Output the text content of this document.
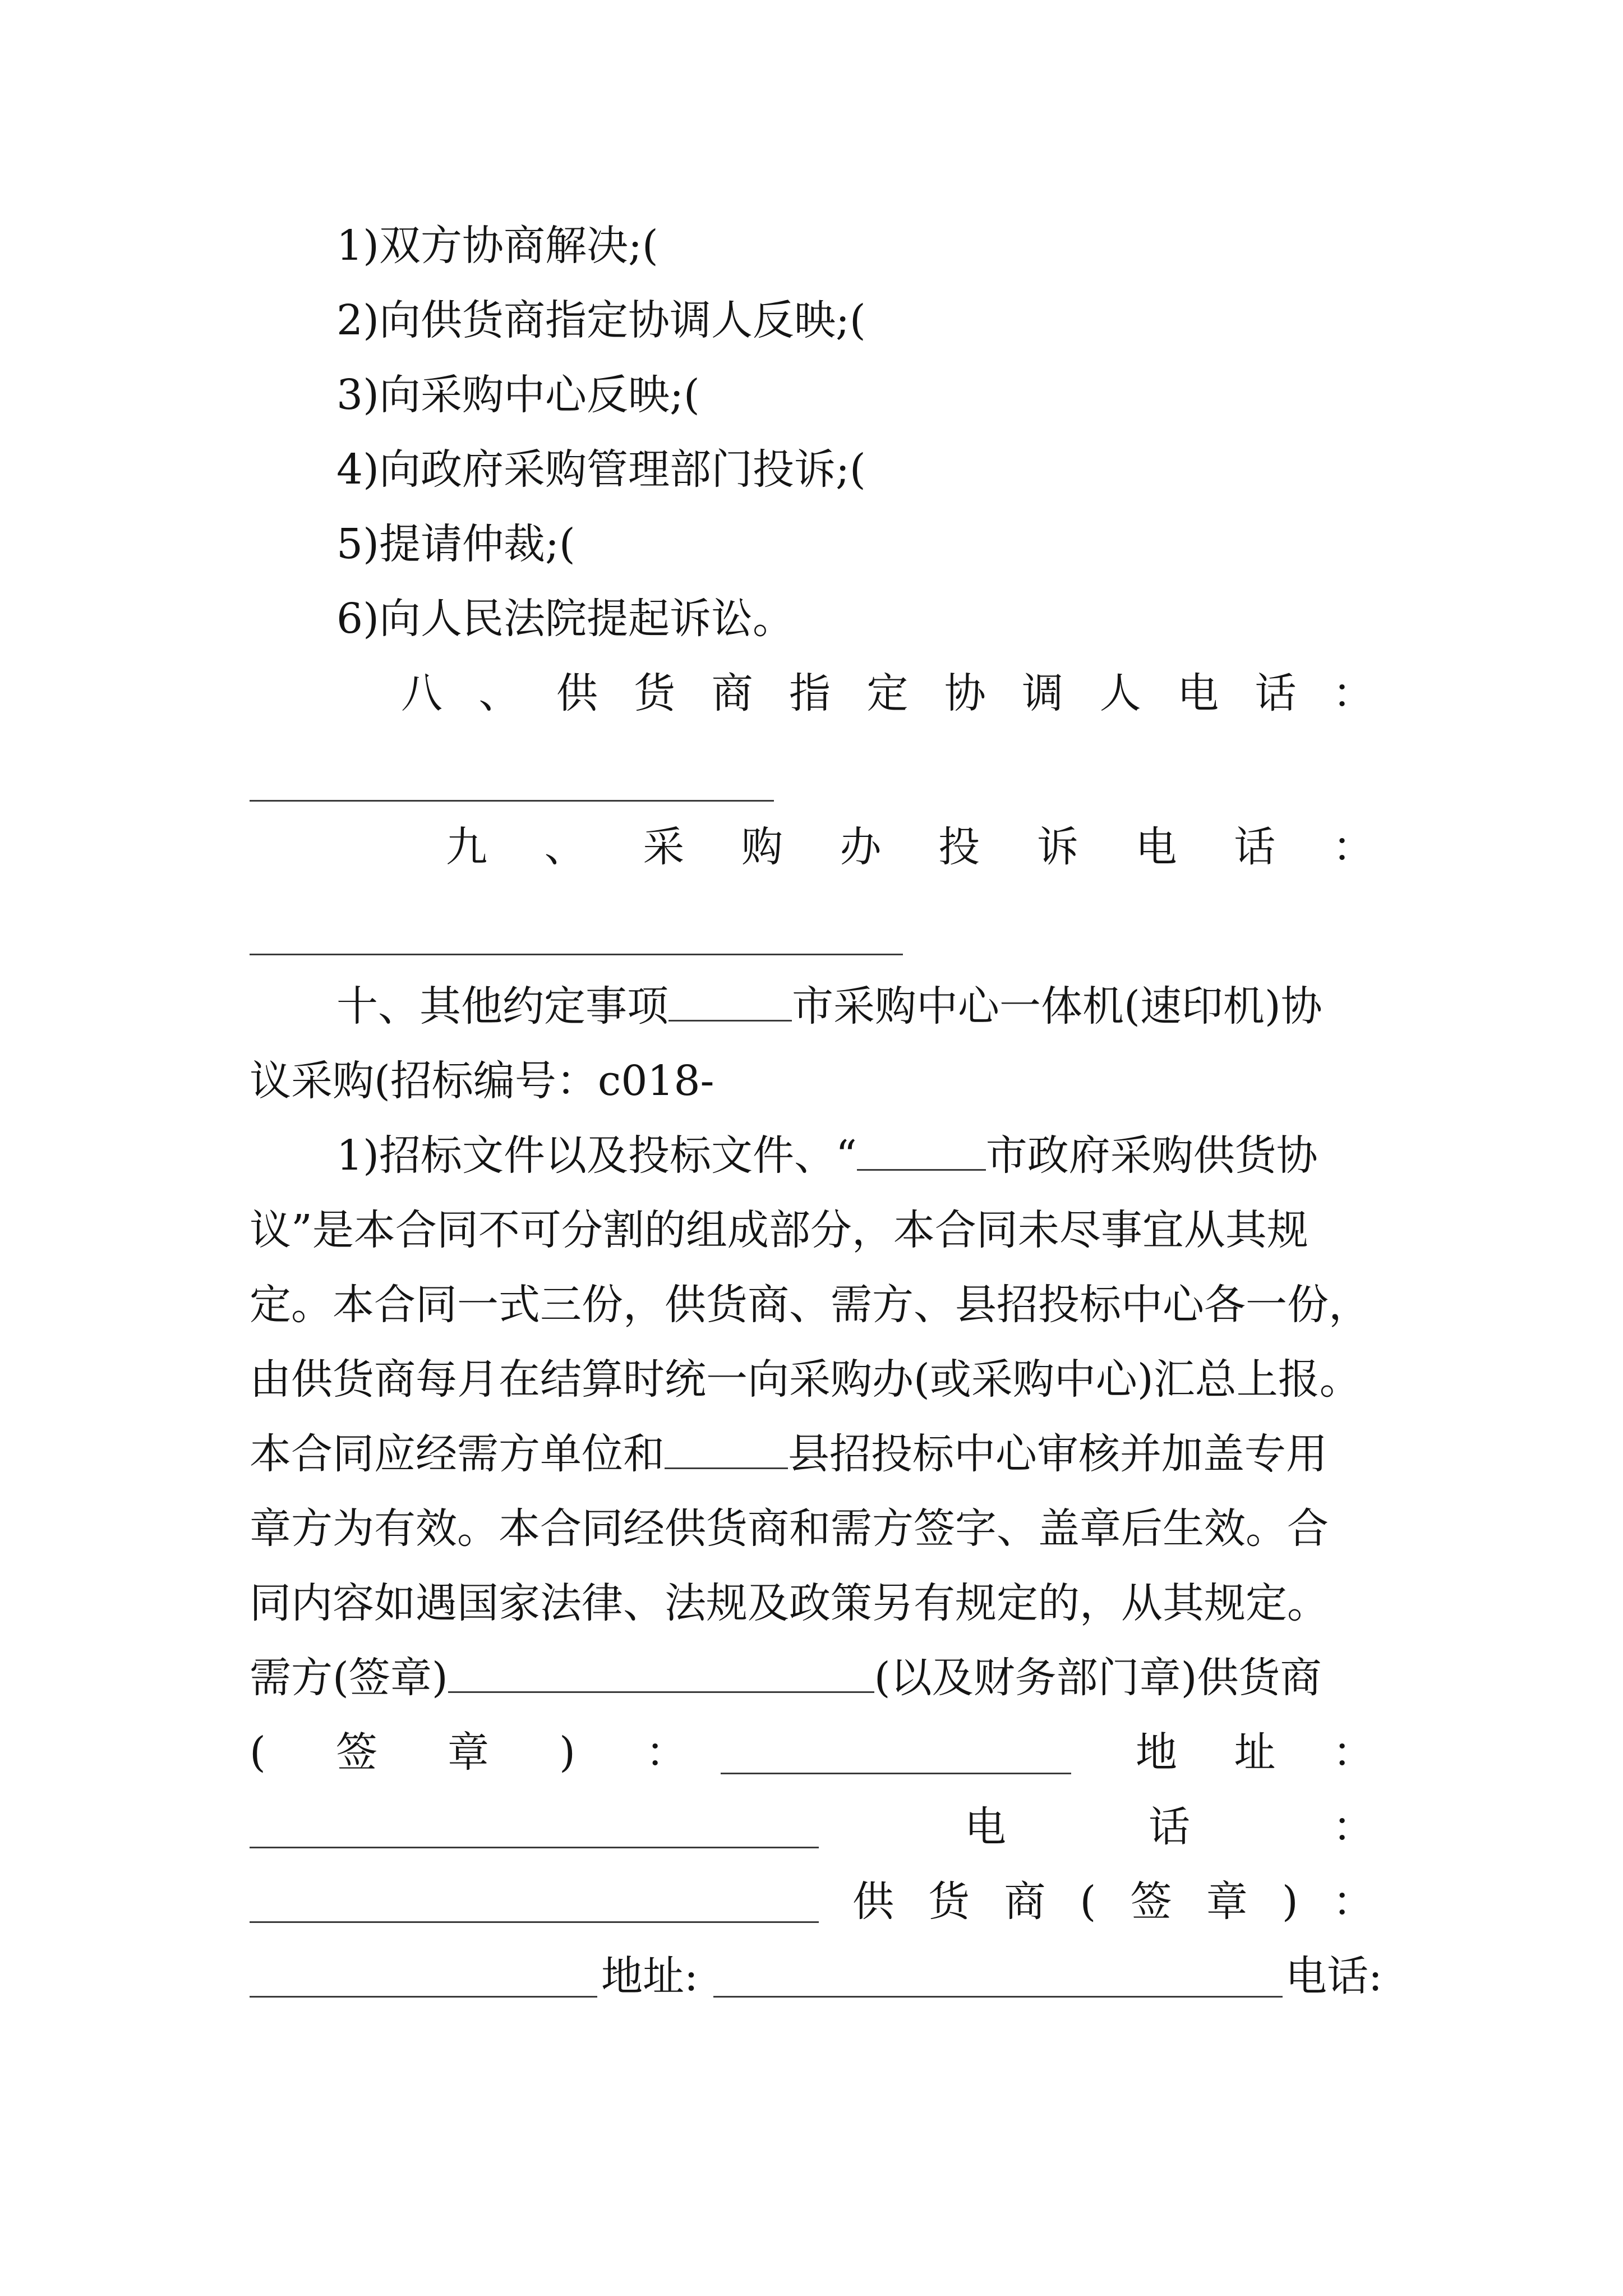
1)双方协商解决;(
2)向供货商指定协调人反映;(
3)向采购中心反映;(
4)向政府采购管理部门投诉;(
5)提请仲裁;(
6)向人民法院提起诉讼。
八 、 供 货 商 指 定 协 调 人 电 话 ：
九 、 采 购 办 投 诉 电 话 ：
十、其他约定事项	市采购中心一体机(速印机)协
议采购(招标编号：c018-
1)招标文件以及投标文件、“	市政府采购供货协
议”是本合同不可分割的组成部分，本合同未尽事宜从其规
定。本合同一式三份，供货商、需方、县招投标中心各一份，
由供货商每月在结算时统一向采购办(或采购中心)汇总上报。
本合同应经需方单位和	县招投标中心审核并加盖专用
章方为有效。本合同经供货商和需方签字、盖章后生效。合
同内容如遇国家法律、法规及政策另有规定的，从其规定。
需方(签章)	(以及财务部门章)供货商
( 签 章 ) ：	地 址 ：
电	话	：
供 货 商 ( 签 章 ) ：
地址:	电话:
